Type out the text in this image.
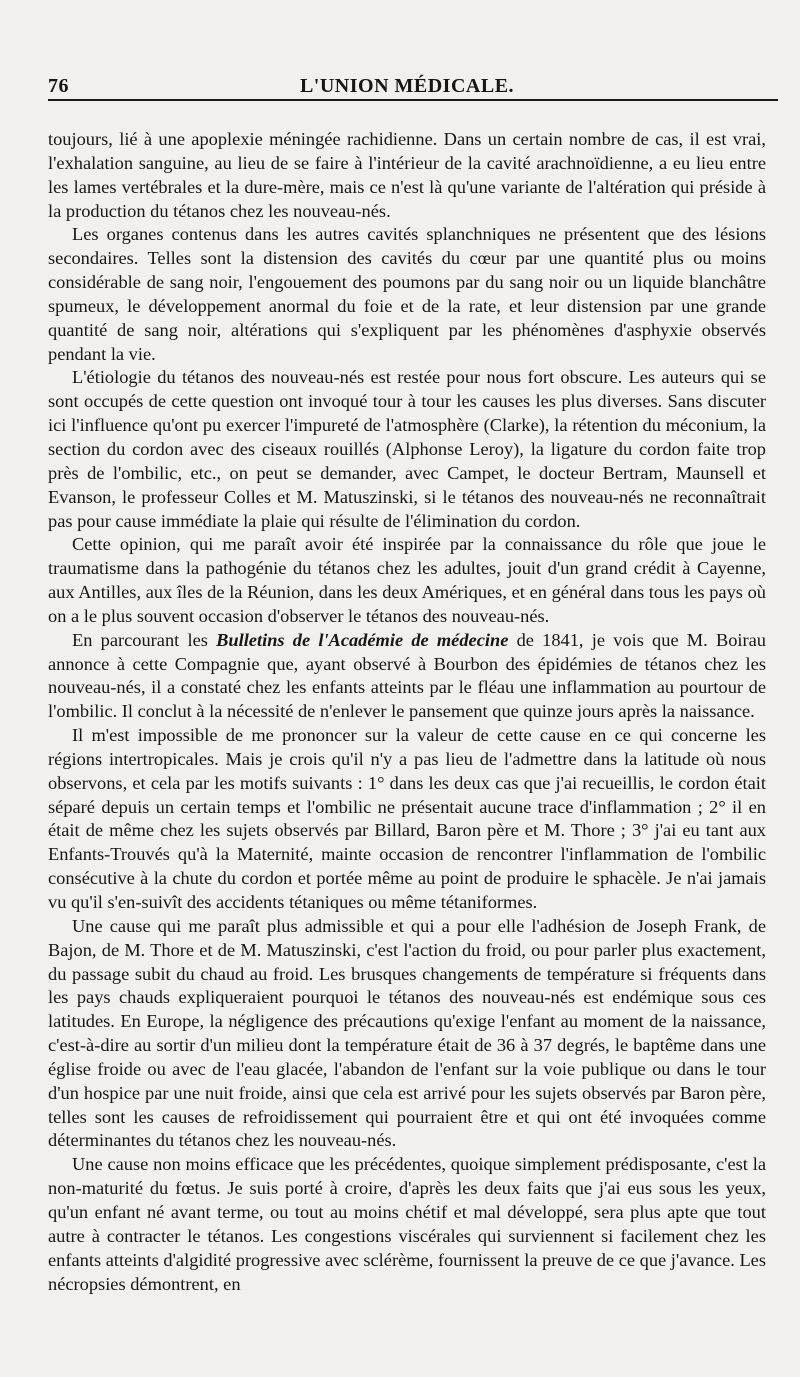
76	L'UNION MÉDICALE.

toujours, lié à une apoplexie méningée rachidienne. Dans un certain nombre de cas, il est vrai, l'exhalation sanguine, au lieu de se faire à l'intérieur de la cavité arachnoïdienne, a eu lieu entre les lames vertébrales et la dure-mère, mais ce n'est là qu'une variante de l'altération qui préside à la production du tétanos chez les nouveau-nés.

Les organes contenus dans les autres cavités splanchniques ne présentent que des lésions secondaires. Telles sont la distension des cavités du cœur par une quantité plus ou moins considérable de sang noir, l'engouement des poumons par du sang noir ou un liquide blanchâtre spumeux, le développement anormal du foie et de la rate, et leur distension par une grande quantité de sang noir, altérations qui s'expliquent par les phénomènes d'asphyxie observés pendant la vie.

L'étiologie du tétanos des nouveau-nés est restée pour nous fort obscure. Les auteurs qui se sont occupés de cette question ont invoqué tour à tour les causes les plus diverses. Sans discuter ici l'influence qu'ont pu exercer l'impureté de l'atmosphère (Clarke), la rétention du méconium, la section du cordon avec des ciseaux rouillés (Alphonse Leroy), la ligature du cordon faite trop près de l'ombilic, etc., on peut se demander, avec Campet, le docteur Bertram, Maunsell et Evanson, le professeur Colles et M. Matuszinski, si le tétanos des nouveau-nés ne reconnaîtrait pas pour cause immédiate la plaie qui résulte de l'élimination du cordon.

Cette opinion, qui me paraît avoir été inspirée par la connaissance du rôle que joue le traumatisme dans la pathogénie du tétanos chez les adultes, jouit d'un grand crédit à Cayenne, aux Antilles, aux îles de la Réunion, dans les deux Amériques, et en général dans tous les pays où on a le plus souvent occasion d'observer le tétanos des nouveau-nés.

En parcourant les Bulletins de l'Académie de médecine de 1841, je vois que M. Boirau annonce à cette Compagnie que, ayant observé à Bourbon des épidémies de tétanos chez les nouveau-nés, il a constaté chez les enfants atteints par le fléau une inflammation au pourtour de l'ombilic. Il conclut à la nécessité de n'enlever le pansement que quinze jours après la naissance.

Il m'est impossible de me prononcer sur la valeur de cette cause en ce qui concerne les régions intertropicales. Mais je crois qu'il n'y a pas lieu de l'admettre dans la latitude où nous observons, et cela par les motifs suivants : 1° dans les deux cas que j'ai recueillis, le cordon était séparé depuis un certain temps et l'ombilic ne présentait aucune trace d'inflammation ; 2° il en était de même chez les sujets observés par Billard, Baron père et M. Thore ; 3° j'ai eu tant aux Enfants-Trouvés qu'à la Maternité, mainte occasion de rencontrer l'inflammation de l'ombilic consécutive à la chute du cordon et portée même au point de produire le sphacèle. Je n'ai jamais vu qu'il s'en-suivît des accidents tétaniques ou même tétaniformes.

Une cause qui me paraît plus admissible et qui a pour elle l'adhésion de Joseph Frank, de Bajon, de M. Thore et de M. Matuszinski, c'est l'action du froid, ou pour parler plus exactement, du passage subit du chaud au froid. Les brusques changements de température si fréquents dans les pays chauds expliqueraient pourquoi le tétanos des nouveau-nés est endémique sous ces latitudes. En Europe, la négligence des précautions qu'exige l'enfant au moment de la naissance, c'est-à-dire au sortir d'un milieu dont la température était de 36 à 37 degrés, le baptême dans une église froide ou avec de l'eau glacée, l'abandon de l'enfant sur la voie publique ou dans le tour d'un hospice par une nuit froide, ainsi que cela est arrivé pour les sujets observés par Baron père, telles sont les causes de refroidissement qui pourraient être et qui ont été invoquées comme déterminantes du tétanos chez les nouveau-nés.

Une cause non moins efficace que les précédentes, quoique simplement prédisposante, c'est la non-maturité du fœtus. Je suis porté à croire, d'après les deux faits que j'ai eus sous les yeux, qu'un enfant né avant terme, ou tout au moins chétif et mal développé, sera plus apte que tout autre à contracter le tétanos. Les congestions viscérales qui surviennent si facilement chez les enfants atteints d'algidité progressive avec sclérème, fournissent la preuve de ce que j'avance. Les nécropsies démontrent, en
